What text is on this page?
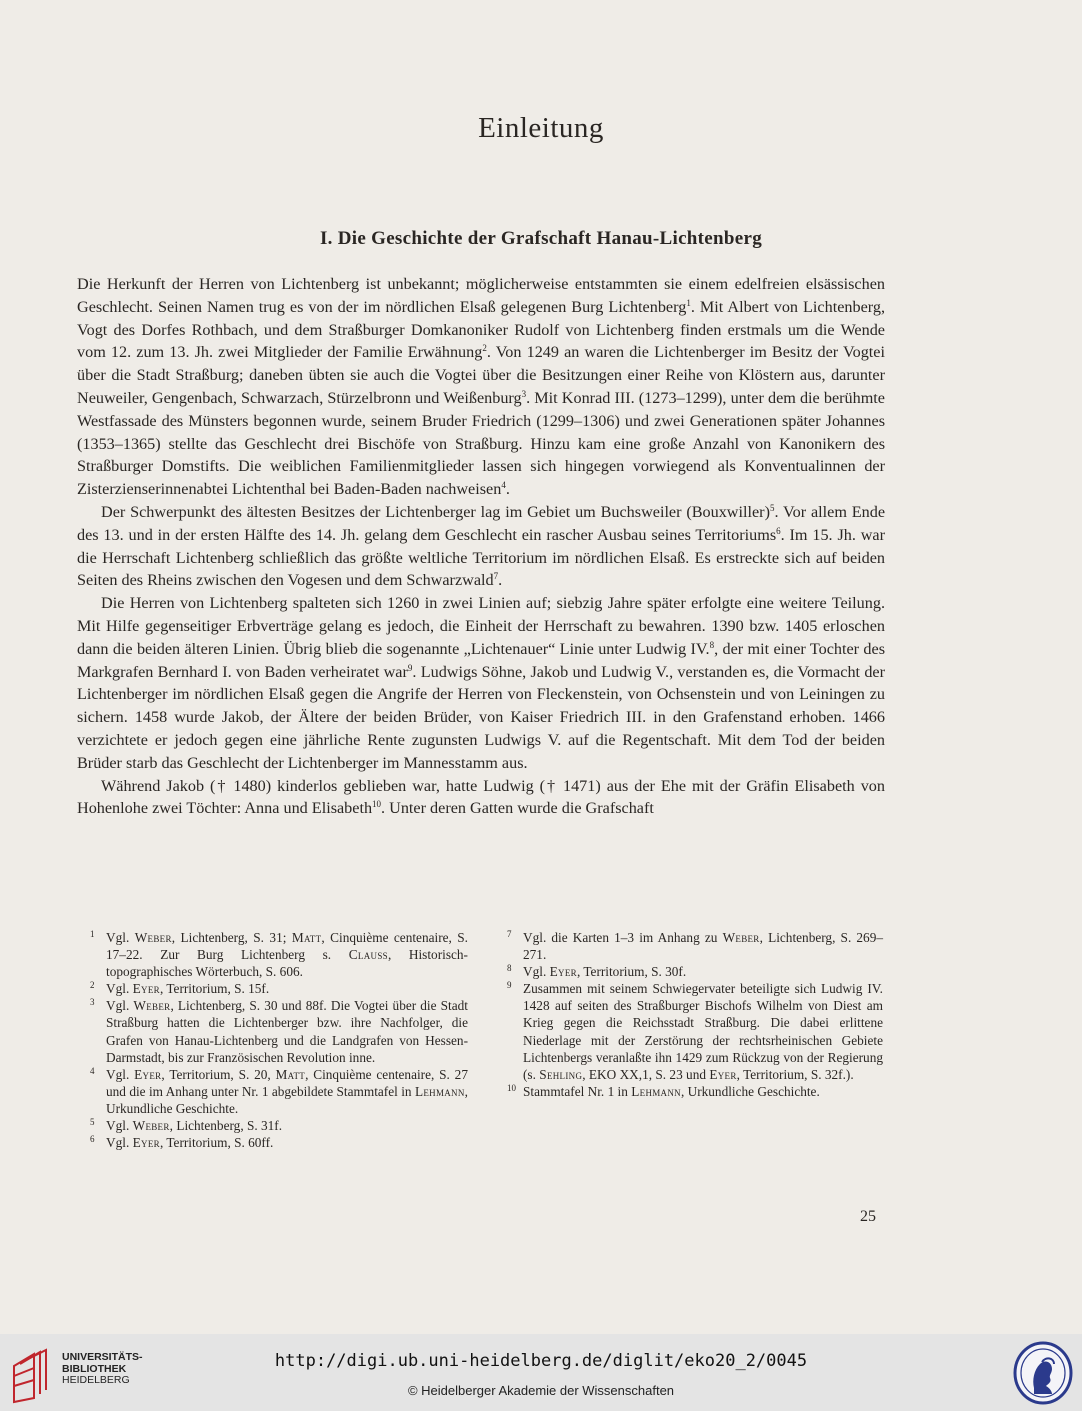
Einleitung
I. Die Geschichte der Grafschaft Hanau-Lichtenberg

Die Herkunft der Herren von Lichtenberg ist unbekannt; möglicherweise entstammten sie einem edelfreien elsässischen Geschlecht. Seinen Namen trug es von der im nördlichen Elsaß gelegenen Burg Lichtenberg$^1$. Mit Albert von Lichtenberg, Vogt des Dorfes Rothbach, und dem Straßburger Domkanoniker Rudolf von Lichtenberg finden erstmals um die Wende vom 12. zum 13. Jh. zwei Mitglieder der Familie Erwähnung$^2$. Von 1249 an waren die Lichtenberger im Besitz der Vogtei über die Stadt Straßburg; daneben übten sie auch die Vogtei über die Besitzungen einer Reihe von Klöstern aus, darunter Neuweiler, Gengenbach, Schwarzach, Stürzelbronn und Weißenburg$^3$. Mit Konrad III. (1273–1299), unter dem die berühmte Westfassade des Münsters begonnen wurde, seinem Bruder Friedrich (1299–1306) und zwei Generationen später Johannes (1353–1365) stellte das Geschlecht drei Bischöfe von Straßburg. Hinzu kam eine große Anzahl von Kanonikern des Straßburger Domstifts. Die weiblichen Familienmitglieder lassen sich hingegen vorwiegend als Konventualinnen der Zisterzienserinnenabtei Lichtenthal bei Baden-Baden nachweisen$^4$.

Der Schwerpunkt des ältesten Besitzes der Lichtenberger lag im Gebiet um Buchsweiler (Bouxwiller)$^5$. Vor allem Ende des 13. und in der ersten Hälfte des 14. Jh. gelang dem Geschlecht ein rascher Ausbau seines Territoriums$^6$. Im 15. Jh. war die Herrschaft Lichtenberg schließlich das größte weltliche Territorium im nördlichen Elsaß. Es erstreckte sich auf beiden Seiten des Rheins zwischen den Vogesen und dem Schwarzwald$^7$.

Die Herren von Lichtenberg spalteten sich 1260 in zwei Linien auf; siebzig Jahre später erfolgte eine weitere Teilung. Mit Hilfe gegenseitiger Erbverträge gelang es jedoch, die Einheit der Herrschaft zu bewahren. 1390 bzw. 1405 erloschen dann die beiden älteren Linien. Übrig blieb die sogenannte „Lichtenauer“ Linie unter Ludwig IV.$^8$, der mit einer Tochter des Markgrafen Bernhard I. von Baden verheiratet war$^9$. Ludwigs Söhne, Jakob und Ludwig V., verstanden es, die Vormacht der Lichtenberger im nördlichen Elsaß gegen die Angrife der Herren von Fleckenstein, von Ochsenstein und von Leiningen zu sichern. 1458 wurde Jakob, der Ältere der beiden Brüder, von Kaiser Friedrich III. in den Grafenstand erhoben. 1466 verzichtete er jedoch gegen eine jährliche Rente zugunsten Ludwigs V. auf die Regentschaft. Mit dem Tod der beiden Brüder starb das Geschlecht der Lichtenberger im Mannesstamm aus.

Während Jakob († 1480) kinderlos geblieben war, hatte Ludwig († 1471) aus der Ehe mit der Gräfin Elisabeth von Hohenlohe zwei Töchter: Anna und Elisabeth$^{10}$. Unter deren Gatten wurde die Grafschaft

1 Vgl. Weber, Lichtenberg, S. 31; Matt, Cinquième centenaire, S. 17–22. Zur Burg Lichtenberg s. Clauss, Historisch-topographisches Wörterbuch, S. 606.

2 Vgl. Eyer, Territorium, S. 15f.

3 Vgl. Weber, Lichtenberg, S. 30 und 88f. Die Vogtei über die Stadt Straßburg hatten die Lichtenberger bzw. ihre Nachfolger, die Grafen von Hanau-Lichtenberg und die Landgrafen von Hessen-Darmstadt, bis zur Französischen Revolution inne.

4 Vgl. Eyer, Territorium, S. 20, Matt, Cinquième centenaire, S. 27 und die im Anhang unter Nr. 1 abgebildete Stammtafel in Lehmann, Urkundliche Geschichte.

5 Vgl. Weber, Lichtenberg, S. 31f.

6 Vgl. Eyer, Territorium, S. 60ff.

7 Vgl. die Karten 1–3 im Anhang zu Weber, Lichtenberg, S. 269–271.

8 Vgl. Eyer, Territorium, S. 30f.

9 Zusammen mit seinem Schwiegervater beteiligte sich Ludwig IV. 1428 auf seiten des Straßburger Bischofs Wilhelm von Diest am Krieg gegen die Reichsstadt Straßburg. Die dabei erlittene Niederlage mit der Zerstörung der rechtsrheinischen Gebiete Lichtenbergs veranlaßte ihn 1429 zum Rückzug von der Regierung (s. Sehling, EKO XX,1, S. 23 und Eyer, Territorium, S. 32f.).

10 Stammtafel Nr. 1 in Lehmann, Urkundliche Geschichte.

25
UNIVERSITÄTS-
BIBLIOTHEK
HEIDELBERG
http://digi.ub.uni-heidelberg.de/diglit/eko20_2/0045
© Heidelberger Akademie der Wissenschaften
